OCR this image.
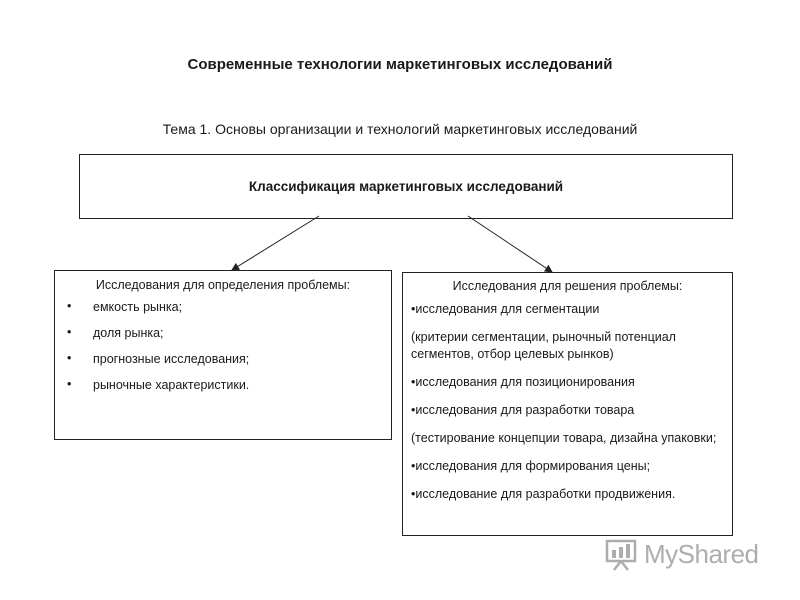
Современные технологии маркетинговых исследований
Тема 1. Основы организации и технологий маркетинговых исследований
Классификация маркетинговых исследований
Исследования для определения проблемы:
• емкость рынка;
• доля рынка;
• прогнозные исследования;
• рыночные характеристики.
Исследования для решения проблемы:
•исследования для сегментации
(критерии сегментации, рыночный потенциал сегментов, отбор целевых рынков)
•исследования для позиционирования
•исследования для разработки товара
(тестирование концепции товара, дизайна упаковки;
•исследования для формирования цены;
•исследование для разработки продвижения.
MyShared
